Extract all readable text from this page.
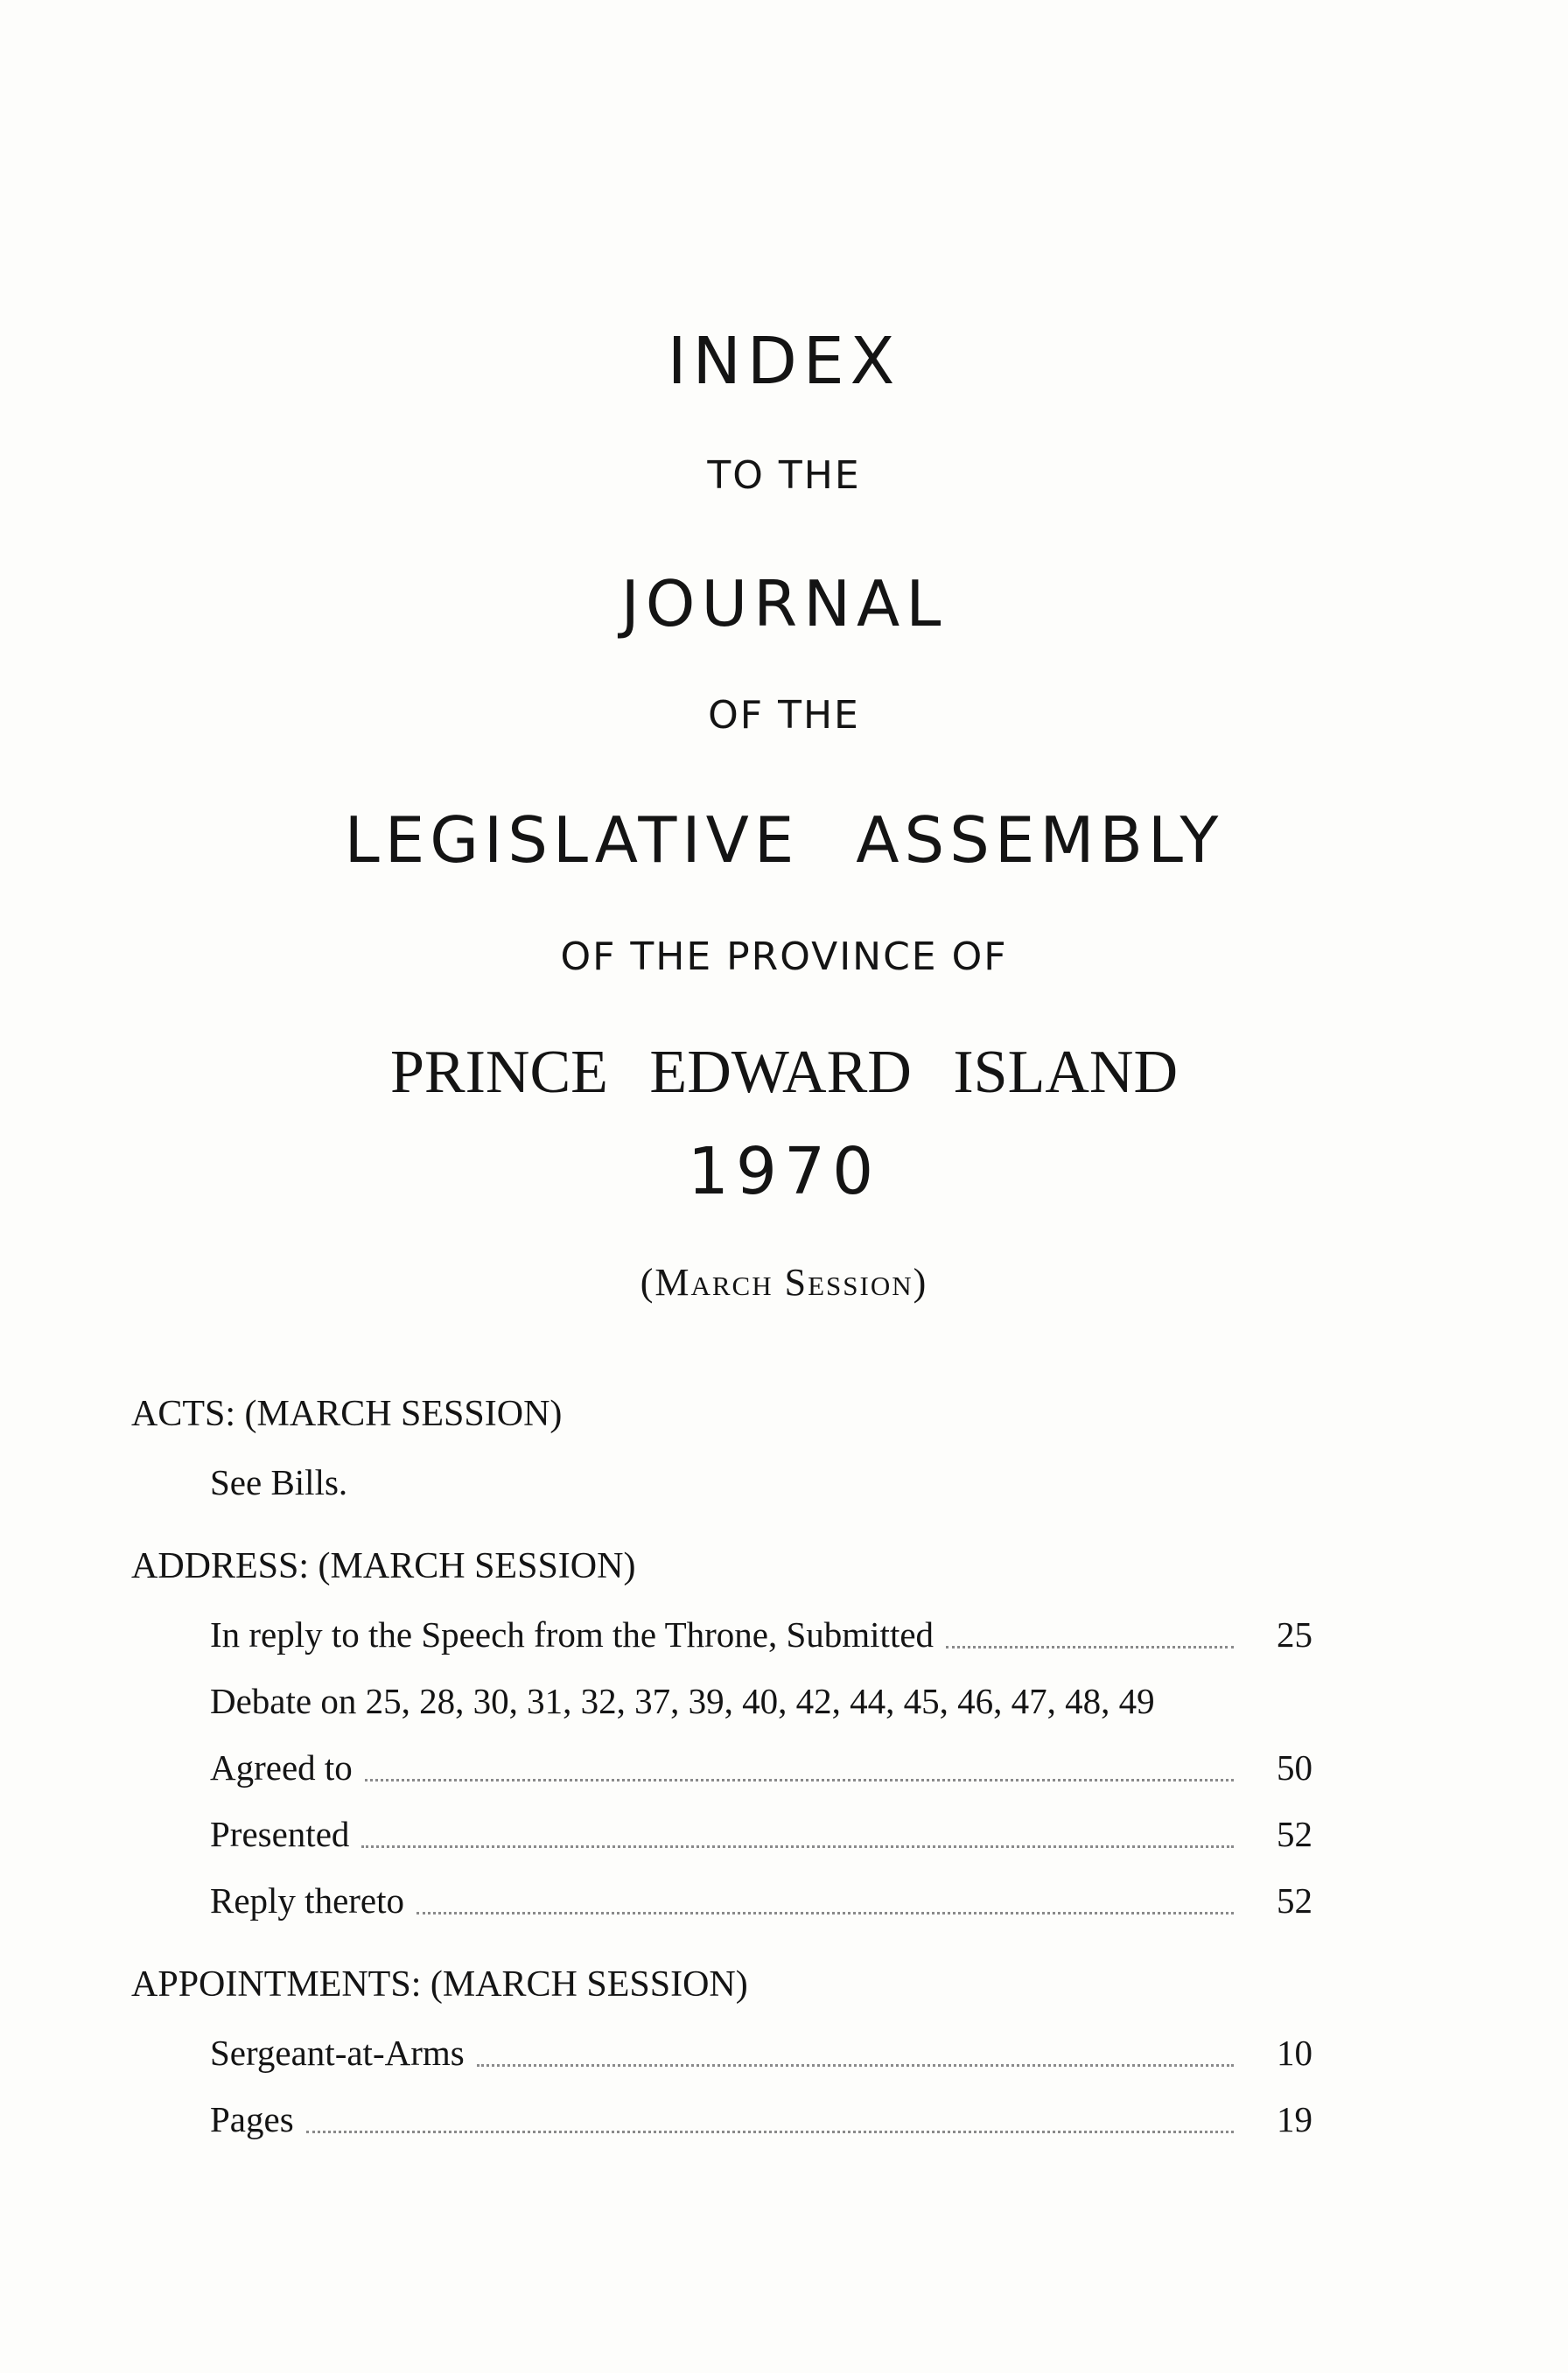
INDEX
TO THE
JOURNAL
OF THE
LEGISLATIVE ASSEMBLY
OF THE PROVINCE OF
PRINCE EDWARD ISLAND
1970
(March Session)
ACTS: (MARCH SESSION)
See Bills.
ADDRESS: (MARCH SESSION)
In reply to the Speech from the Throne, Submitted	25
Debate on 25, 28, 30, 31, 32, 37, 39, 40, 42, 44, 45, 46, 47, 48, 49
Agreed to	50
Presented	52
Reply thereto	52
APPOINTMENTS: (MARCH SESSION)
Sergeant-at-Arms	10
Pages	19
